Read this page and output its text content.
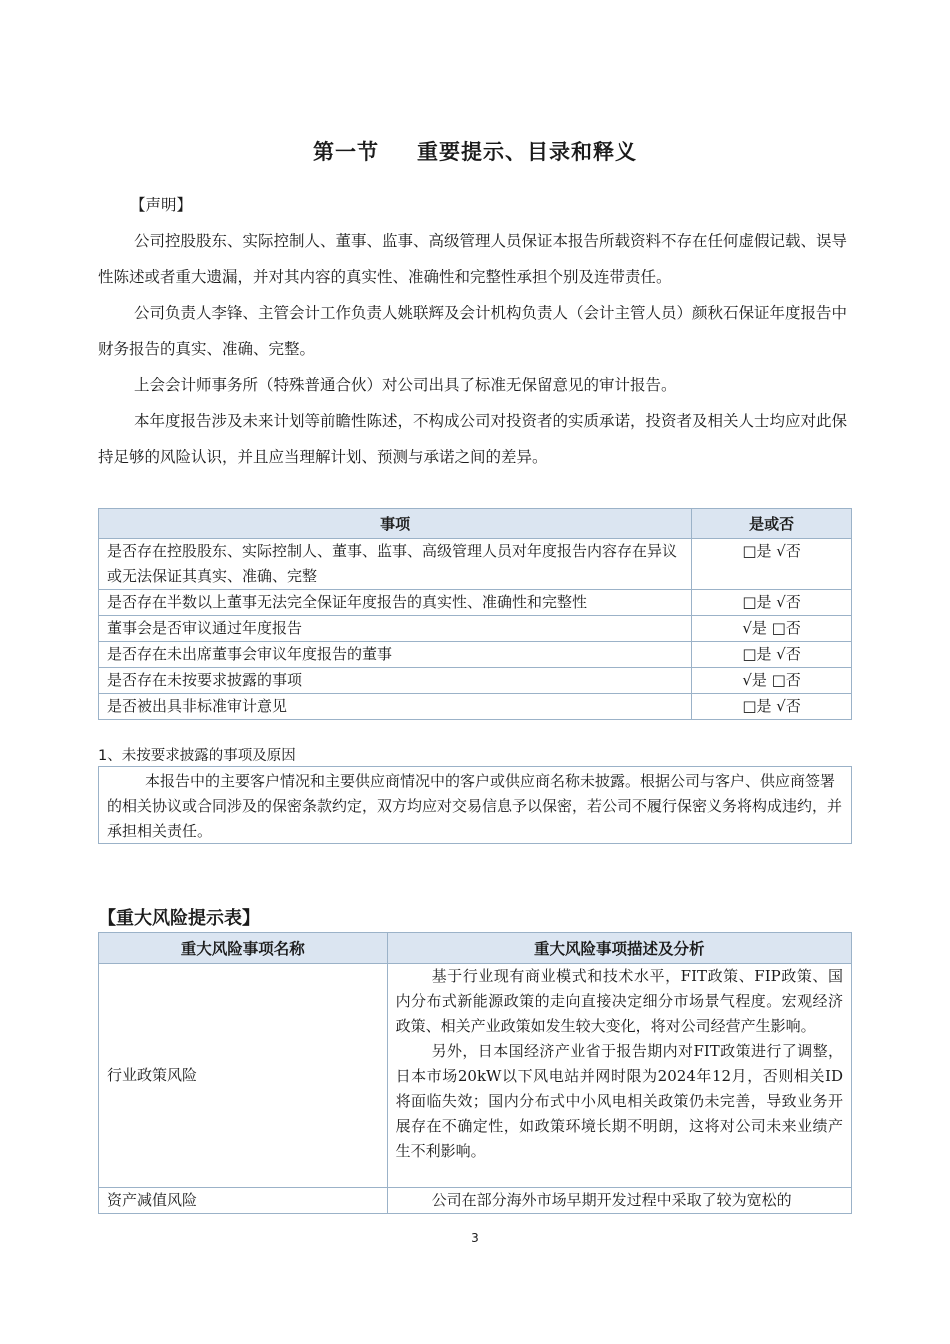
第一节 重要提示、目录和释义
【声明】
公司控股股东、实际控制人、董事、监事、高级管理人员保证本报告所载资料不存在任何虚假记载、误导性陈述或者重大遗漏，并对其内容的真实性、准确性和完整性承担个别及连带责任。
公司负责人李锋、主管会计工作负责人姚联辉及会计机构负责人（会计主管人员）颜秋石保证年度报告中财务报告的真实、准确、完整。
上会会计师事务所（特殊普通合伙）对公司出具了标准无保留意见的审计报告。
本年度报告涉及未来计划等前瞻性陈述，不构成公司对投资者的实质承诺，投资者及相关人士均应对此保持足够的风险认识，并且应当理解计划、预测与承诺之间的差异。
事项	是或否
是否存在控股股东、实际控制人、董事、监事、高级管理人员对年度报告内容存在异议或无法保证其真实、准确、完整	□是 √否
是否存在半数以上董事无法完全保证年度报告的真实性、准确性和完整性	□是 √否
董事会是否审议通过年度报告	√是 □否
是否存在未出席董事会审议年度报告的董事	□是 √否
是否存在未按要求披露的事项	√是 □否
是否被出具非标准审计意见	□是 √否
1、未按要求披露的事项及原因
本报告中的主要客户情况和主要供应商情况中的客户或供应商名称未披露。根据公司与客户、供应商签署的相关协议或合同涉及的保密条款约定，双方均应对交易信息予以保密，若公司不履行保密义务将构成违约，并承担相关责任。
【重大风险提示表】
重大风险事项名称	重大风险事项描述及分析
行业政策风险	基于行业现有商业模式和技术水平，FIT政策、FIP政策、国内分布式新能源政策的走向直接决定细分市场景气程度。宏观经济政策、相关产业政策如发生较大变化，将对公司经营产生影响。

另外，日本国经济产业省于报告期内对FIT政策进行了调整，日本市场20kW以下风电站并网时限为2024年12月，否则相关ID将面临失效；国内分布式中小风电相关政策仍未完善，导致业务开展存在不确定性，如政策环境长期不明朗，这将对公司未来业绩产生不利影响。

资产减值风险	公司在部分海外市场早期开发过程中采取了较为宽松的

3
